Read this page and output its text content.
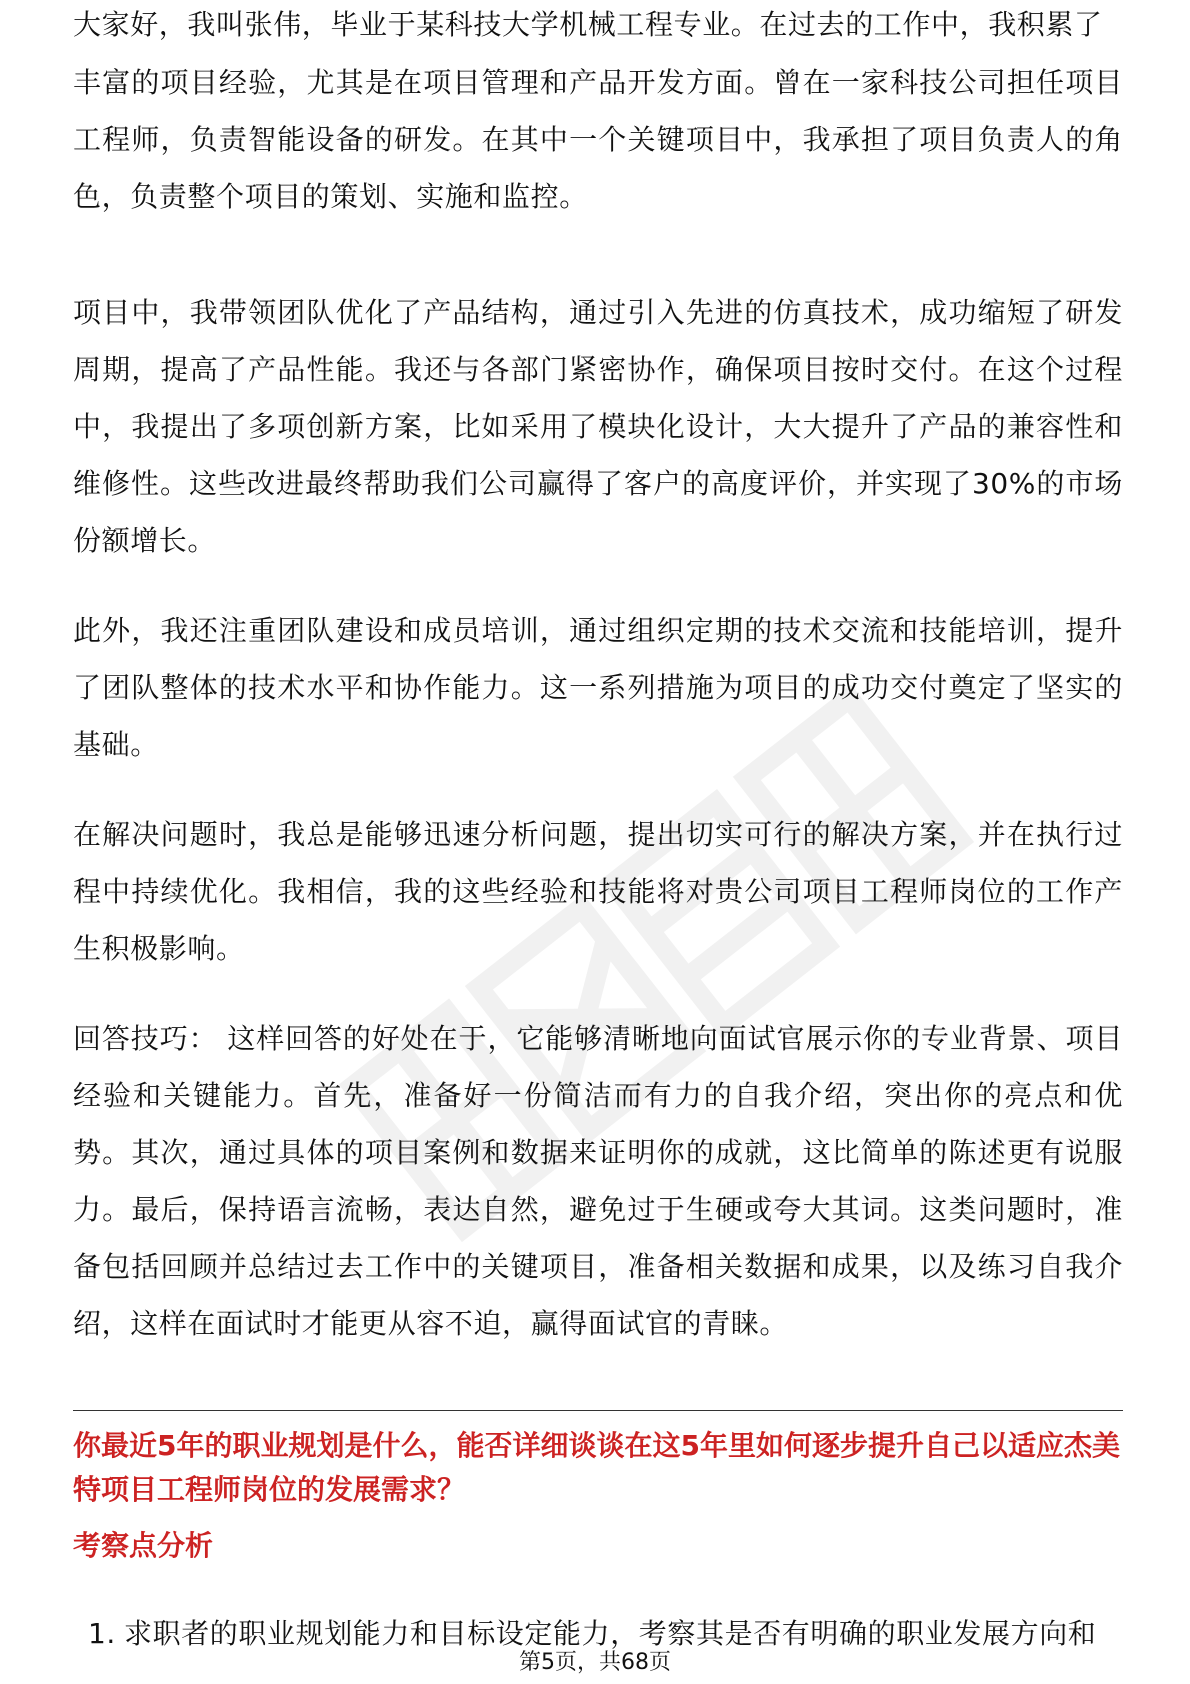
大家好，我叫张伟，毕业于某科技大学机械工程专业。在过去的工作中，我积累了
丰富的项目经验，尤其是在项目管理和产品开发方面。曾在一家科技公司担任项目工程师，负责智能设备的研发。在其中一个关键项目中，我承担了项目负责人的角色，负责整个项目的策划、实施和监控。

项目中，我带领团队优化了产品结构，通过引入先进的仿真技术，成功缩短了研发周期，提高了产品性能。我还与各部门紧密协作，确保项目按时交付。在这个过程中，我提出了多项创新方案，比如采用了模块化设计，大大提升了产品的兼容性和维修性。这些改进最终帮助我们公司赢得了客户的高度评价，并实现了30%的市场份额增长。

此外，我还注重团队建设和成员培训，通过组织定期的技术交流和技能培训，提升了团队整体的技术水平和协作能力。这一系列措施为项目的成功交付奠定了坚实的基础。

在解决问题时，我总是能够迅速分析问题，提出切实可行的解决方案，并在执行过程中持续优化。我相信，我的这些经验和技能将对贵公司项目工程师岗位的工作产生积极影响。

回答技巧： 这样回答的好处在于，它能够清晰地向面试官展示你的专业背景、项目经验和关键能力。首先，准备好一份简洁而有力的自我介绍，突出你的亮点和优势。其次，通过具体的项目案例和数据来证明你的成就，这比简单的陈述更有说服力。最后，保持语言流畅，表达自然，避免过于生硬或夸大其词。这类问题时，准备包括回顾并总结过去工作中的关键项目，准备相关数据和成果，以及练习自我介绍，这样在面试时才能更从容不迫，赢得面试官的青睐。

你最近5年的职业规划是什么，能否详细谈谈在这5年里如何逐步提升自己以适应杰美特项目工程师岗位的发展需求？

考察点分析

1. 求职者的职业规划能力和目标设定能力，考察其是否有明确的职业发展方向和

第5页，共68页
